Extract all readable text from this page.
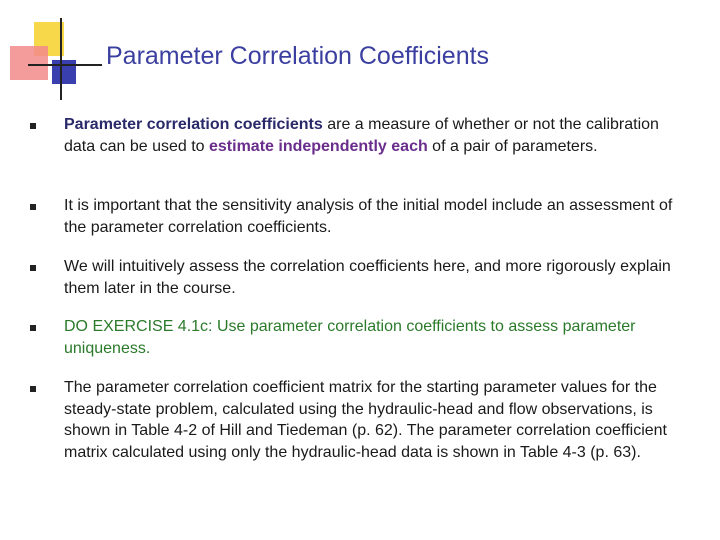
Parameter Correlation Coefficients
Parameter correlation coefficients are a measure of whether or not the calibration data can be used to estimate independently each of a pair of parameters.
It is important that the sensitivity analysis of the initial model include an assessment of the parameter correlation coefficients.
We will intuitively assess the correlation coefficients here, and more rigorously explain them later in the course.
DO EXERCISE 4.1c: Use parameter correlation coefficients to assess parameter uniqueness.
The parameter correlation coefficient matrix for the starting parameter values for the steady-state problem, calculated using the hydraulic-head and flow observations, is shown in Table 4-2 of Hill and Tiedeman (p. 62). The parameter correlation coefficient matrix calculated using only the hydraulic-head data is shown in Table 4-3 (p. 63).
